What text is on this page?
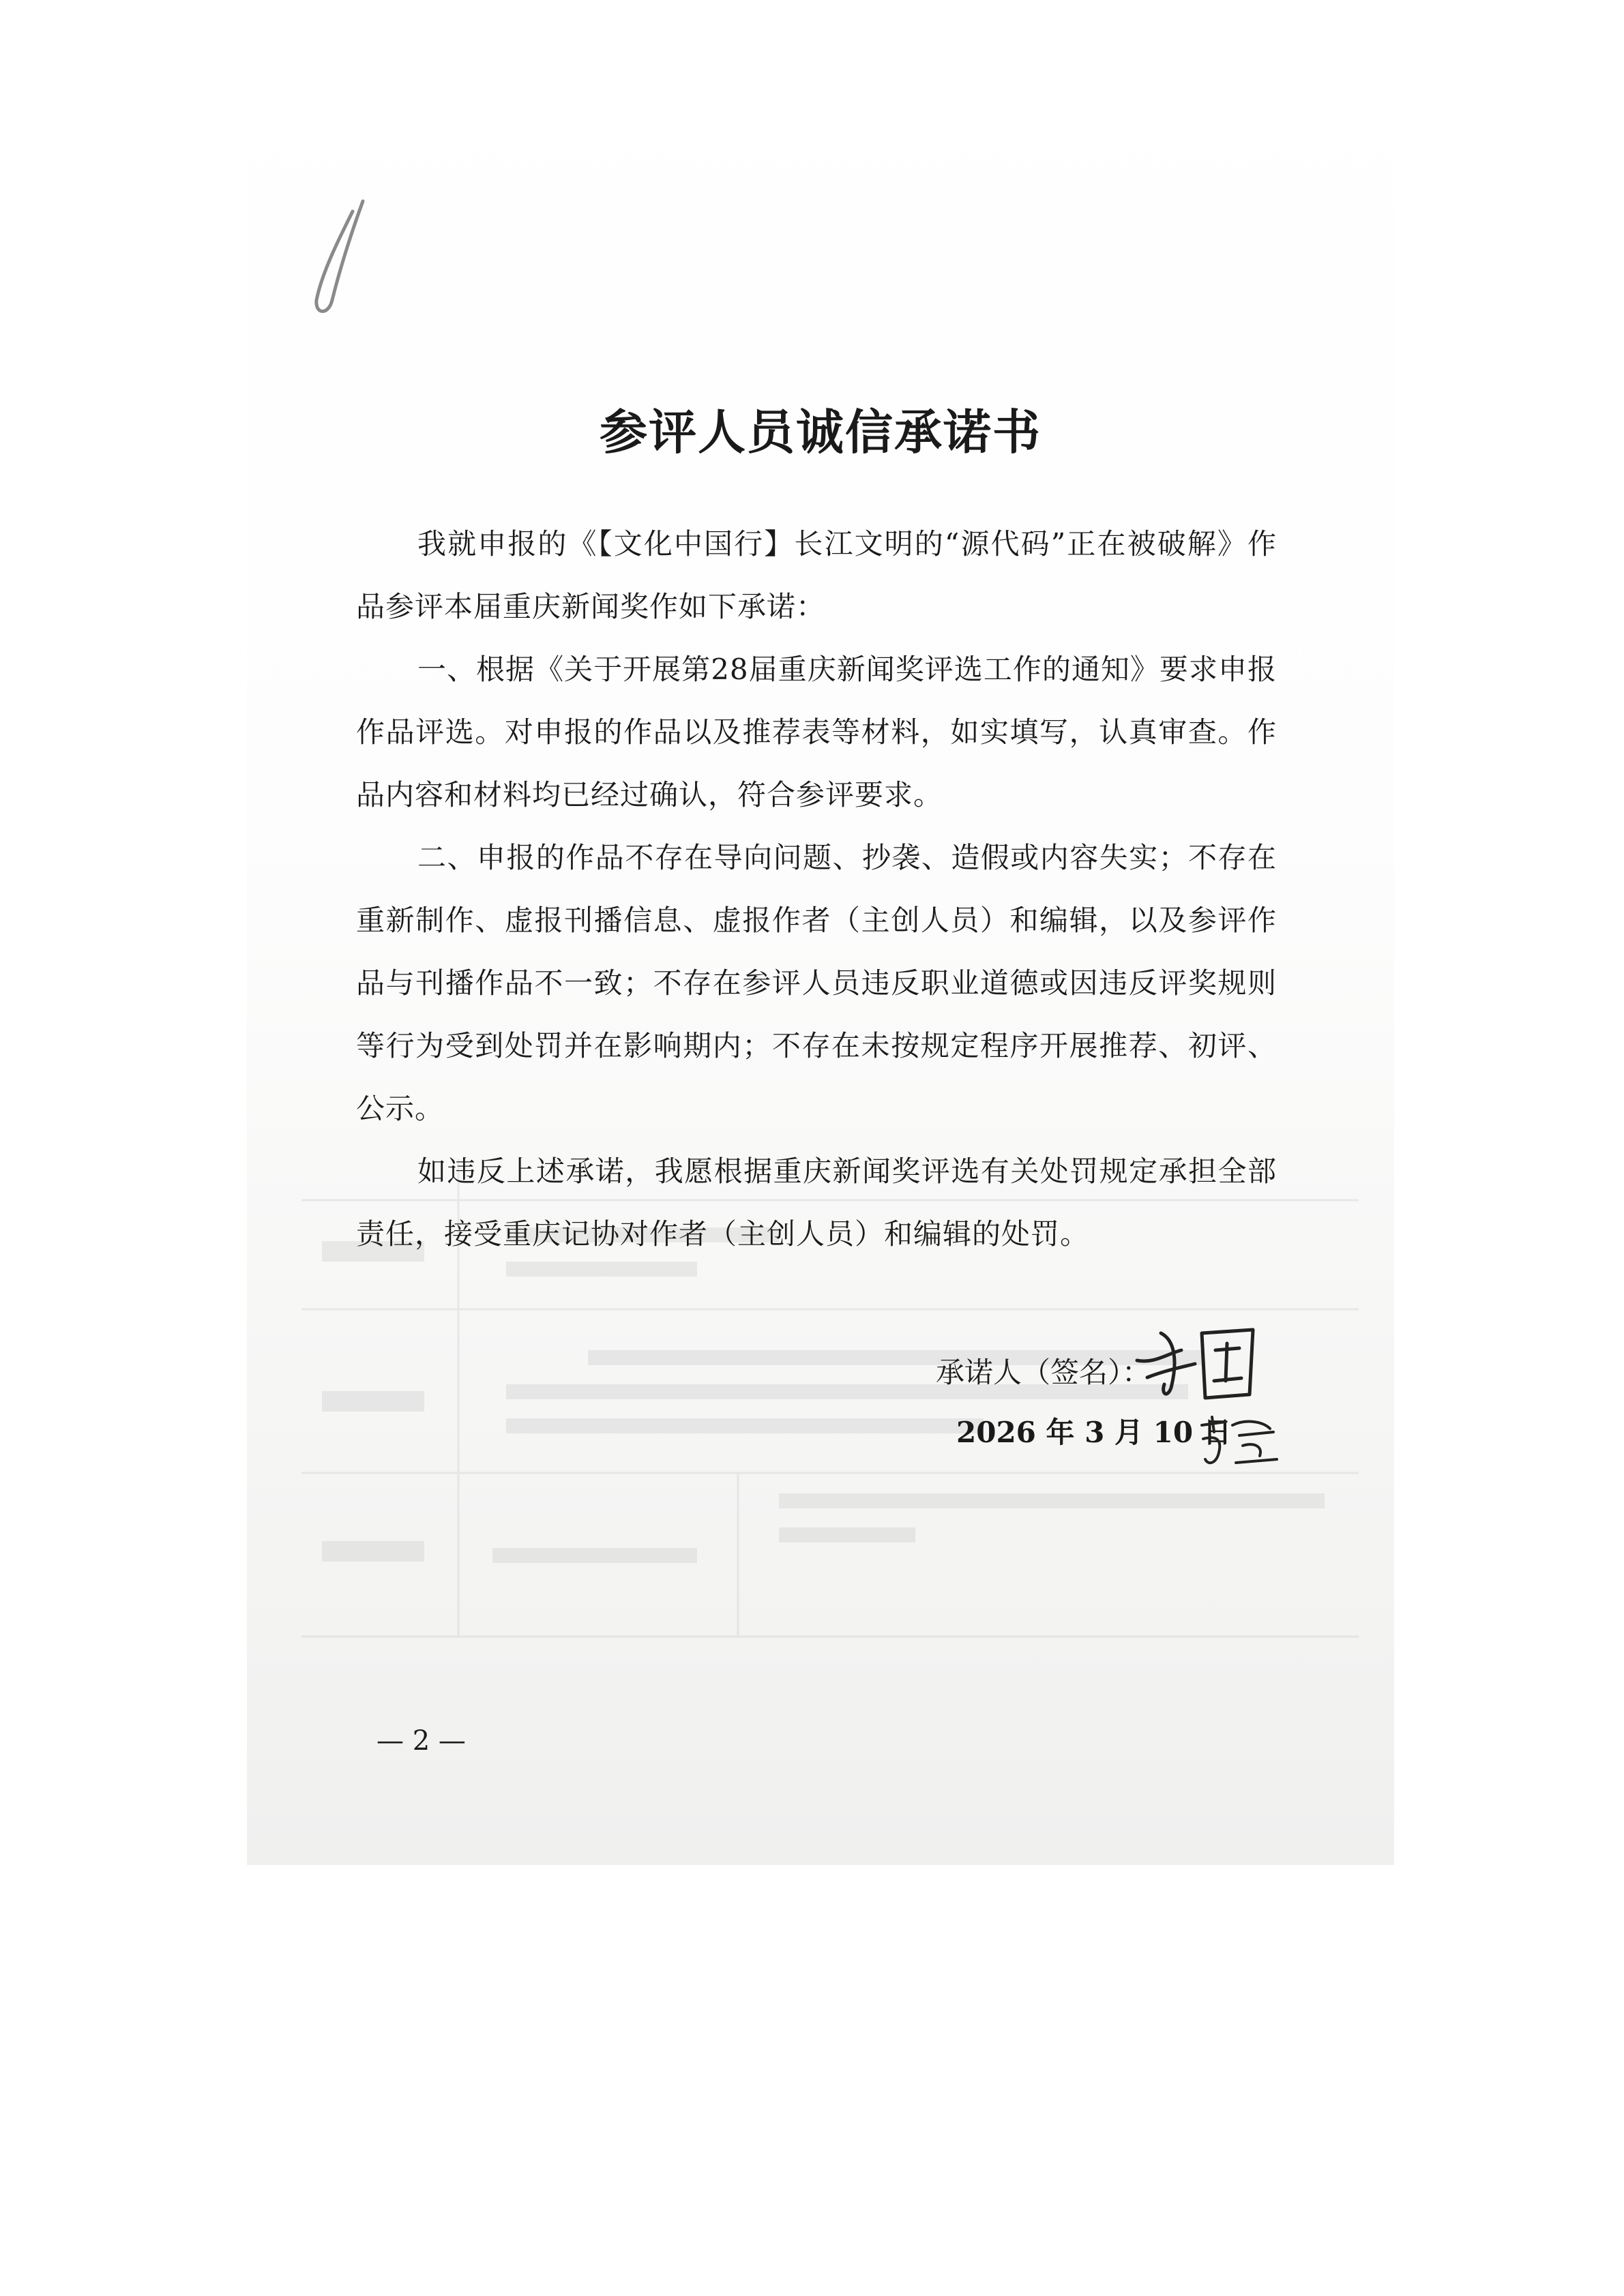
参评人员诚信承诺书

我就申报的《【文化中国行】长江文明的“源代码”正在被破解》作品参评本届重庆新闻奖作如下承诺：

一、根据《关于开展第28届重庆新闻奖评选工作的通知》要求申报作品评选。对申报的作品以及推荐表等材料，如实填写，认真审查。作品内容和材料均已经过确认，符合参评要求。

二、申报的作品不存在导向问题、抄袭、造假或内容失实；不存在重新制作、虚报刊播信息、虚报作者（主创人员）和编辑，以及参评作品与刊播作品不一致；不存在参评人员违反职业道德或因违反评奖规则等行为受到处罚并在影响期内；不存在未按规定程序开展推荐、初评、公示。

如违反上述承诺，我愿根据重庆新闻奖评选有关处罚规定承担全部责任，接受重庆记协对作者（主创人员）和编辑的处罚。

承诺人（签名）：
2026 年 3 月 10 日
— 2 —
